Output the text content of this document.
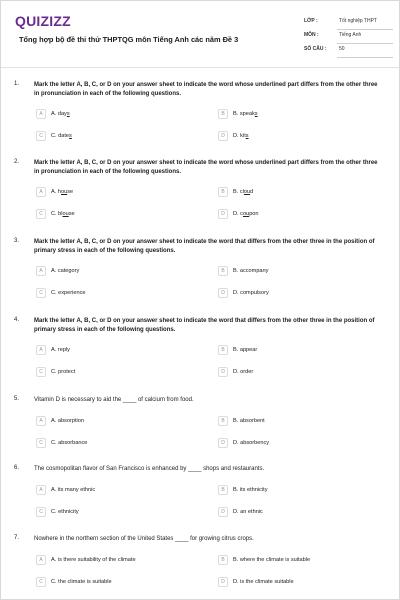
QUIZIZZ
Tổng hợp bộ đề thi thử THPTQG môn Tiếng Anh các năm Đề 3
LỚP :	Tốt nghiệp THPT
MÔN :	Tiếng Anh
SỐ CÂU :	50
1. Mark the letter A, B, C, or D on your answer sheet to indicate the word whose underlined part differs from the other three in pronunciation in each of the following questions.
A	A. days	B	B. speaks
C	C. dates	D	D. kits
2. Mark the letter A, B, C, or D on your answer sheet to indicate the word whose underlined part differs from the other three in pronunciation in each of the following questions.
A	A. house	B	B. cloud
C	C. blouse	D	D. coupon
3. Mark the letter A, B, C, or D on your answer sheet to indicate the word that differs from the other three in the position of primary stress in each of the following questions.
A	A. category	B	B. accompany
C	C. experience	D	D. compulsory
4. Mark the letter A, B, C, or D on your answer sheet to indicate the word that differs from the other three in the position of primary stress in each of the following questions.
A	A. reply	B	B. appear
C	C. protect	D	D. order
5. Vitamin D is necessary to aid the ____ of calcium from food.
A	A. absorption	B	B. absorbent
C	C. absorbance	D	D. absorbency
6. The cosmopolitan flavor of San Francisco is enhanced by ____ shops and restaurants.
A	A. its many ethnic	B	B. its ethnicity
C	C. ethnicity	D	D. an ethnic
7. Nowhere in the northern section of the United States ____ for growing citrus crops.
A	A. is there suitability of the climate	B	B. where the climate is suitable
C	C. the climate is suitable	D	D. is the climate suitable
